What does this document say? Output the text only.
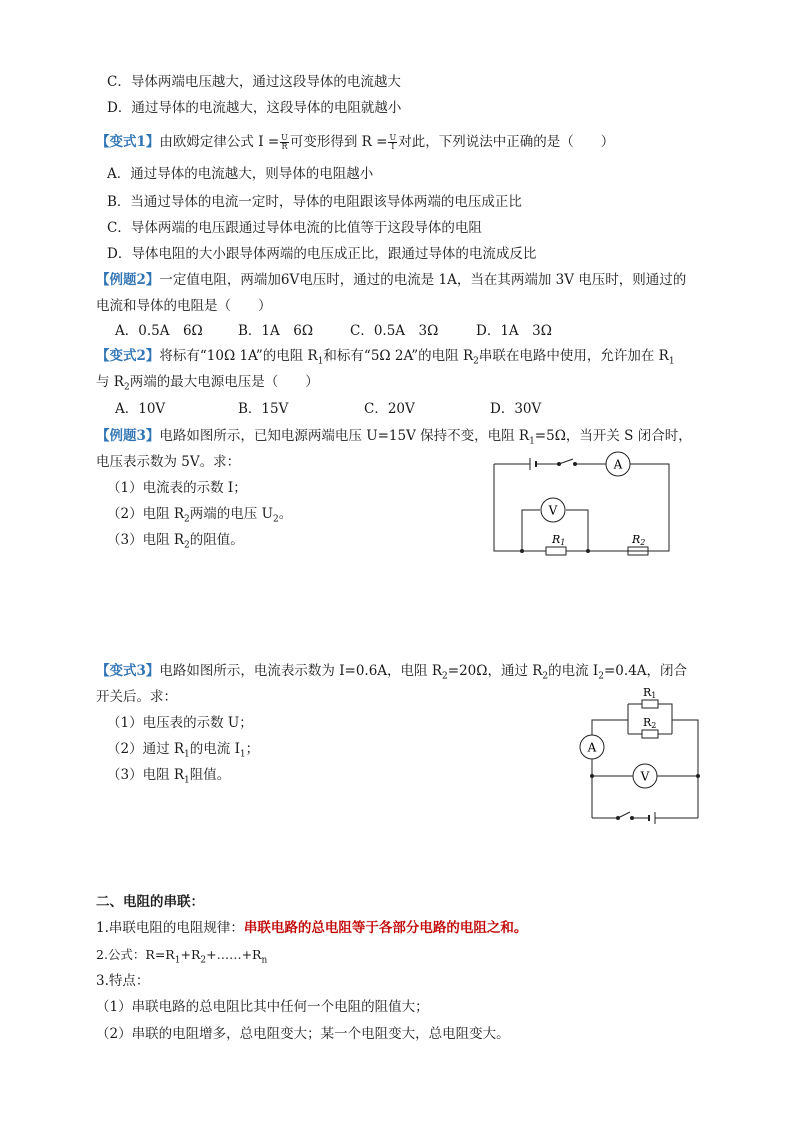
C．导体两端电压越大，通过这段导体的电流越大
D．通过导体的电流越大，这段导体的电阻就越小
【变式1】由欧姆定律公式 $I = \frac{U}{R}$ 可变形得到 $R = \frac{U}{I}$ 对此，下列说法中正确的是（　　）
A．通过导体的电流越大，则导体的电阻越小
B．当通过导体的电流一定时，导体的电阻跟该导体两端的电压成正比
C．导体两端的电压跟通过导体电流的比值等于这段导体的电阻
D．导体电阻的大小跟导体两端的电压成正比，跟通过导体的电流成反比
【例题2】一定值电阻，两端加6V电压时，通过的电流是 1A，当在其两端加 3V 电压时，则通过的
电流和导体的电阻是（　　）
A．0.5A　6Ω	B．1A　6Ω	C．0.5A　3Ω	D．1A　3Ω
【变式2】将标有“10Ω 1A”的电阻 $R_1$和标有“5Ω 2A”的电阻 $R_2$串联在电路中使用，允许加在 $R_1$
与 $R_2$两端的最大电源电压是（　　）
A．10V	B．15V	C．20V	D．30V
【例题3】电路如图所示，已知电源两端电压 U=15V 保持不变，电阻 $R_1=5\Omega$，当开关 S 闭合时，
电压表示数为 5V。求：
（1）电流表的示数 I；
（2）电阻 $R_2$两端的电压 $U_2$。
（3）电阻 $R_2$的阻值。
A
V
R1	R2
【变式3】电路如图所示，电流表示数为 I=0.6A，电阻 $R_2=20\Omega$，通过 $R_2$的电流 $I_2=0.4A$，闭合
开关后。求：
（1）电压表的示数 U；
（2）通过 $R_1$的电流 $I_1$；
（3）电阻 $R_1$阻值。
A
V
R1
R2
二、电阻的串联：
1.串联电阻的电阻规律：串联电路的总电阻等于各部分电路的电阻之和。
2.公式：$R=R_1+R_2+\dots\dots+R_n$
3.特点：
（1）串联电路的总电阻比其中任何一个电阻的阻值大；
（2）串联的电阻增多，总电阻变大；某一个电阻变大，总电阻变大。
